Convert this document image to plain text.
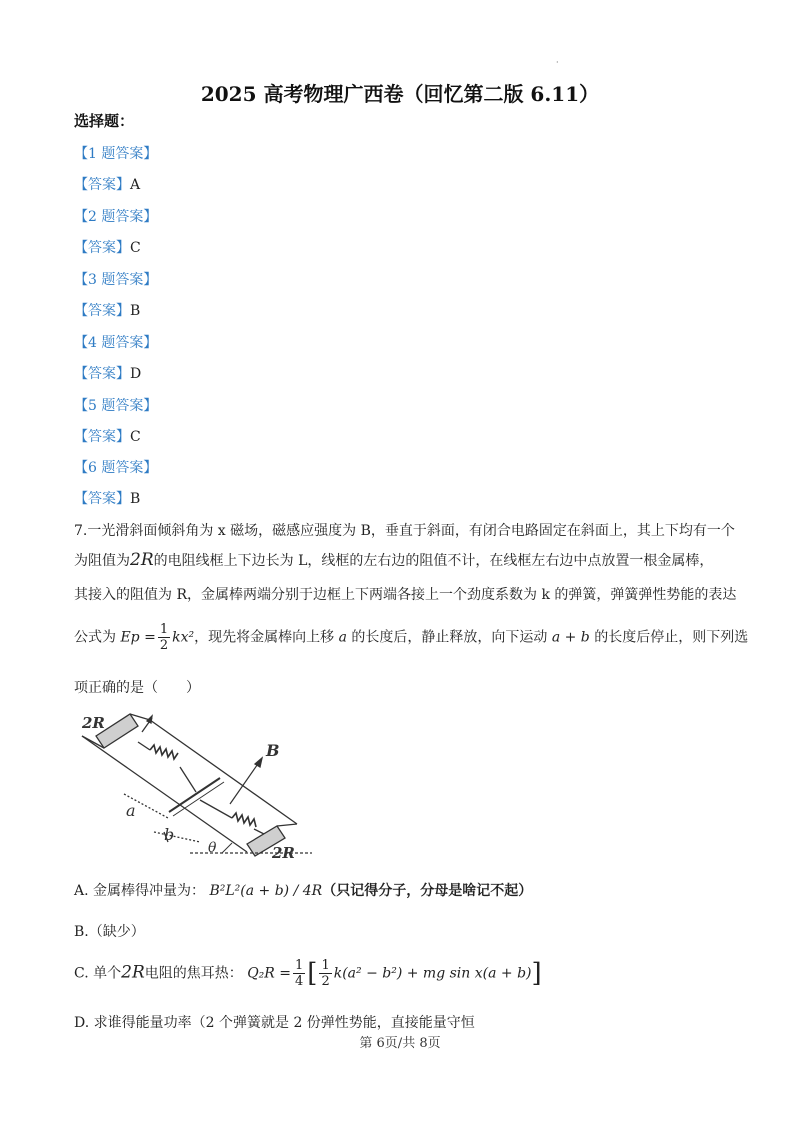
·
2025 高考物理广西卷（回忆第二版 6.11）
选择题：
【1 题答案】
【答案】A
【2 题答案】
【答案】C
【3 题答案】
【答案】B
【4 题答案】
【答案】D
【5 题答案】
【答案】C
【6 题答案】
【答案】B
7.一光滑斜面倾斜角为 x 磁场，磁感应强度为 B，垂直于斜面，有闭合电路固定在斜面上，其上下均有一个
为阻值为2R的电阻线框上下边长为 L，线框的左右边的阻值不计，在线框左右边中点放置一根金属棒，
其接入的阻值为 R，金属棒两端分别于边框上下两端各接上一个劲度系数为 k 的弹簧，弹簧弹性势能的表达
公式为 $Ep = \frac{1}{2} kx^2$，现先将金属棒向上移 a 的长度后，静止释放，向下运动 a + b 的长度后停止，则下列选
项正确的是（　　）
2R
2R
B
a
b
θ
A. 金属棒得冲量为： B²L²(a + b) / 4R（只记得分子，分母是啥记不起）
B.（缺少）
C. 单个2R电阻的焦耳热： $Q_2R = \frac{1}{4}$ [ $\frac{1}{2} k(a^2 - b^2)$ + mg sin x(a + b)]
D. 求谁得能量功率（2 个弹簧就是 2 份弹性势能，直接能量守恒
第 6页/共 8页
